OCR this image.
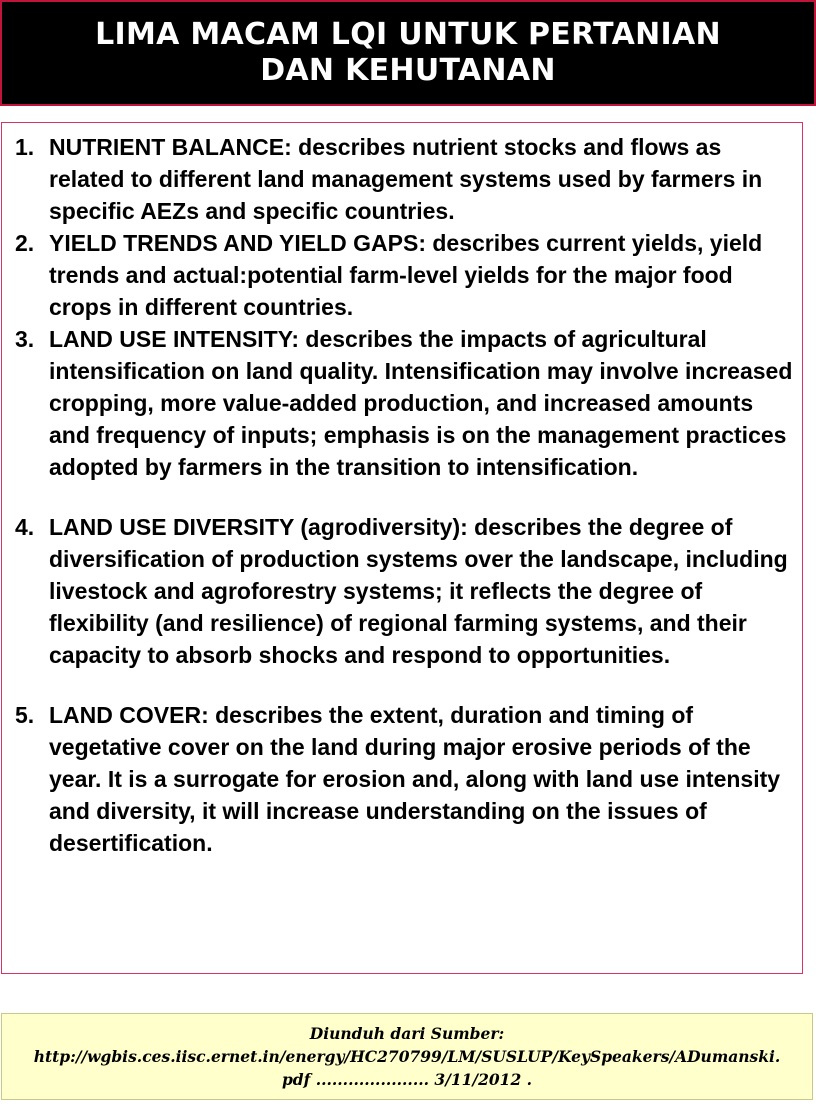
LIMA MACAM LQI UNTUK PERTANIAN
DAN KEHUTANAN
1. NUTRIENT BALANCE: describes nutrient stocks and flows as related to different land management systems used by farmers in specific AEZs and specific countries.
2. YIELD TRENDS AND YIELD GAPS: describes current yields, yield trends and actual:potential farm-level yields for the major food crops in different countries.
3. LAND USE INTENSITY: describes the impacts of agricultural intensification on land quality. Intensification may involve increased cropping, more value-added production, and increased amounts and frequency of inputs; emphasis is on the management practices adopted by farmers in the transition to intensification.
4. LAND USE DIVERSITY (agrodiversity): describes the degree of diversification of production systems over the landscape, including livestock and agroforestry systems; it reflects the degree of flexibility (and resilience) of regional farming systems, and their capacity to absorb shocks and respond to opportunities.
5. LAND COVER: describes the extent, duration and timing of vegetative cover on the land during major erosive periods of the year. It is a surrogate for erosion and, along with land use intensity and diversity, it will increase understanding on the issues of desertification.
Diunduh dari Sumber:
http://wgbis.ces.iisc.ernet.in/energy/HC270799/LM/SUSLUP/KeySpeakers/ADumanski.
pdf ..................... 3/11/2012 .
